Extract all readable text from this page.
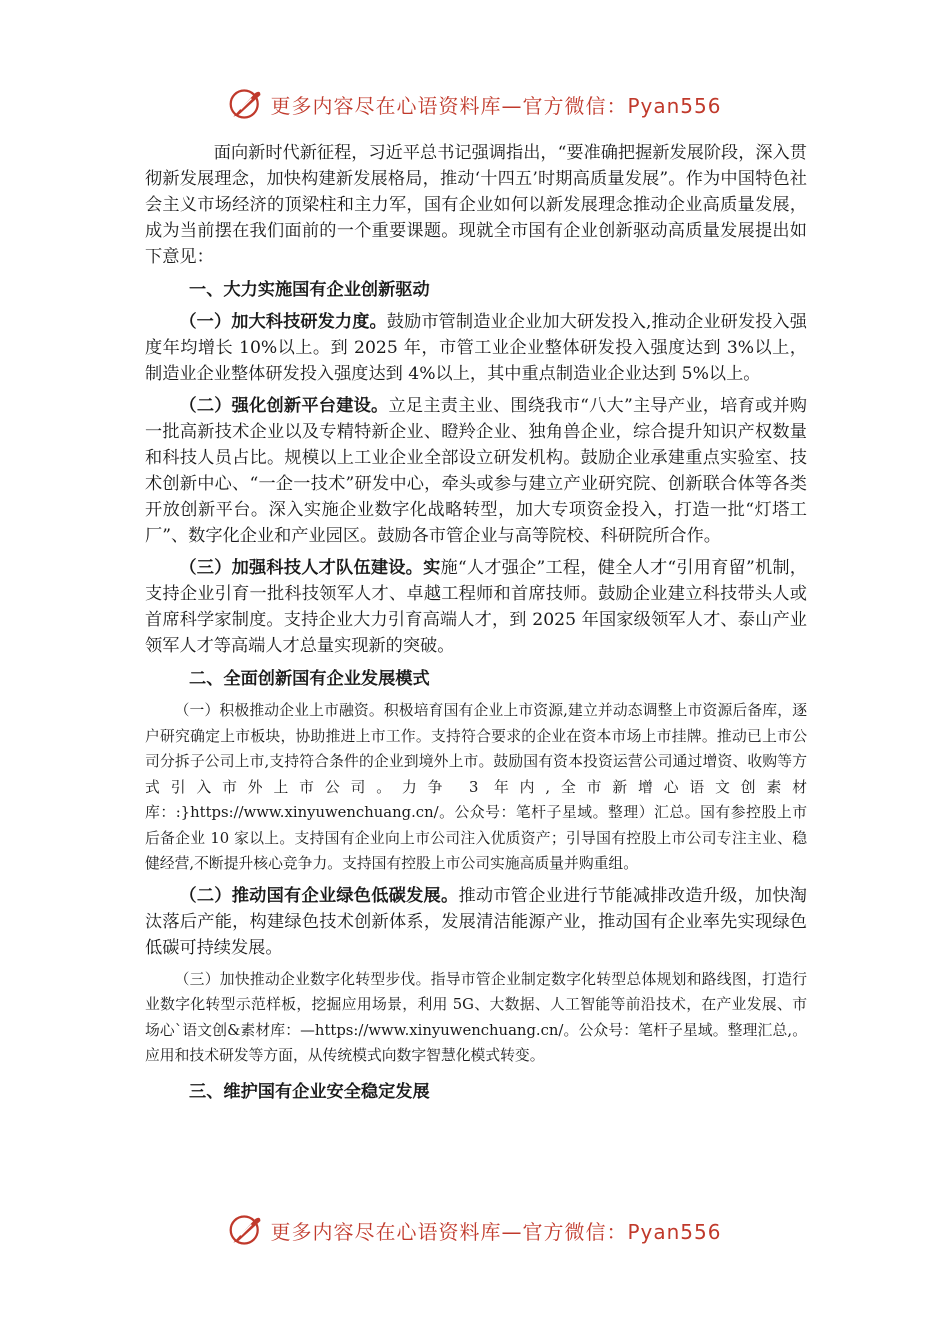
更多内容尽在心语资料库—官方微信：Pyan556

面向新时代新征程，习近平总书记强调指出，“要准确把握新发展阶段，深入贯彻新发展理念，加快构建新发展格局，推动‘十四五’时期高质量发展”。作为中国特色社会主义市场经济的顶梁柱和主力军，国有企业如何以新发展理念推动企业高质量发展，成为当前摆在我们面前的一个重要课题。现就全市国有企业创新驱动高质量发展提出如下意见：

一、大力实施国有企业创新驱动

（一）加大科技研发力度。鼓励市管制造业企业加大研发投入,推动企业研发投入强度年均增长 10%以上。到 2025 年，市管工业企业整体研发投入强度达到 3%以上，制造业企业整体研发投入强度达到 4%以上，其中重点制造业企业达到 5%以上。

（二）强化创新平台建设。立足主责主业、围绕我市“八大”主导产业，培育或并购一批高新技术企业以及专精特新企业、瞪羚企业、独角兽企业，综合提升知识产权数量和科技人员占比。规模以上工业企业全部设立研发机构。鼓励企业承建重点实验室、技术创新中心、“一企一技术”研发中心，牵头或参与建立产业研究院、创新联合体等各类开放创新平台。深入实施企业数字化战略转型，加大专项资金投入，打造一批“灯塔工厂”、数字化企业和产业园区。鼓励各市管企业与高等院校、科研院所合作。

（三）加强科技人才队伍建设。实施“人才强企”工程，健全人才“引用育留”机制，支持企业引育一批科技领军人才、卓越工程师和首席技师。鼓励企业建立科技带头人或首席科学家制度。支持企业大力引育高端人才，到 2025 年国家级领军人才、泰山产业领军人才等高端人才总量实现新的突破。

二、全面创新国有企业发展模式

（一）积极推动企业上市融资。积极培育国有企业上市资源,建立并动态调整上市资源后备库，逐户研究确定上市板块，协助推进上市工作。支持符合要求的企业在资本市场上市挂牌。推动已上市公司分拆子公司上市,支持符合条件的企业到境外上市。鼓励国有资本投资运营公司通过增资、收购等方式引入市外上市公司。力争 3 年内,全市新增心语文创素材库：:}https://www.xinyuwenchuang.cn/。公众号：笔杆子星域。整理）汇总。国有参控股上市后备企业 10 家以上。支持国有企业向上市公司注入优质资产；引导国有控股上市公司专注主业、稳健经营,不断提升核心竞争力。支持国有控股上市公司实施高质量并购重组。

（二）推动国有企业绿色低碳发展。推动市管企业进行节能减排改造升级，加快淘汰落后产能，构建绿色技术创新体系，发展清洁能源产业，推动国有企业率先实现绿色低碳可持续发展。

（三）加快推动企业数字化转型步伐。指导市管企业制定数字化转型总体规划和路线图，打造行业数字化转型示范样板，挖掘应用场景，利用 5G、大数据、人工智能等前沿技术，在产业发展、市场心`语文创&素材库：—https://www.xinyuwenchuang.cn/。公众号：笔杆子星域。整理汇总,。应用和技术研发等方面，从传统模式向数字智慧化模式转变。

三、维护国有企业安全稳定发展
更多内容尽在心语资料库—官方微信：Pyan556
